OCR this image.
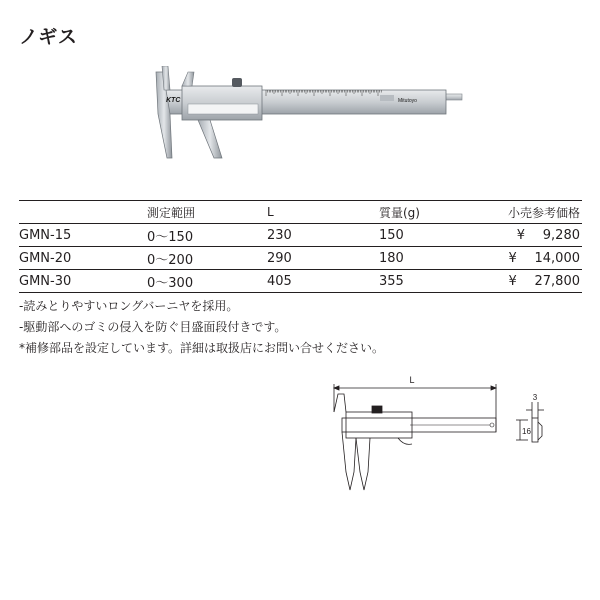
ノギス
KTC	Mitutoyo
	測定範囲	L	質量(g)	小売参考価格
GMN-15	0〜150	230	150	¥ 9,280
GMN-20	0〜200	290	180	¥ 14,000
GMN-30	0〜300	405	355	¥ 27,800
-読みとりやすいロングバーニヤを採用。
-駆動部へのゴミの侵入を防ぐ目盛面段付きです。
*補修部品を設定しています。詳細は取扱店にお問い合せください。
L
3
16
